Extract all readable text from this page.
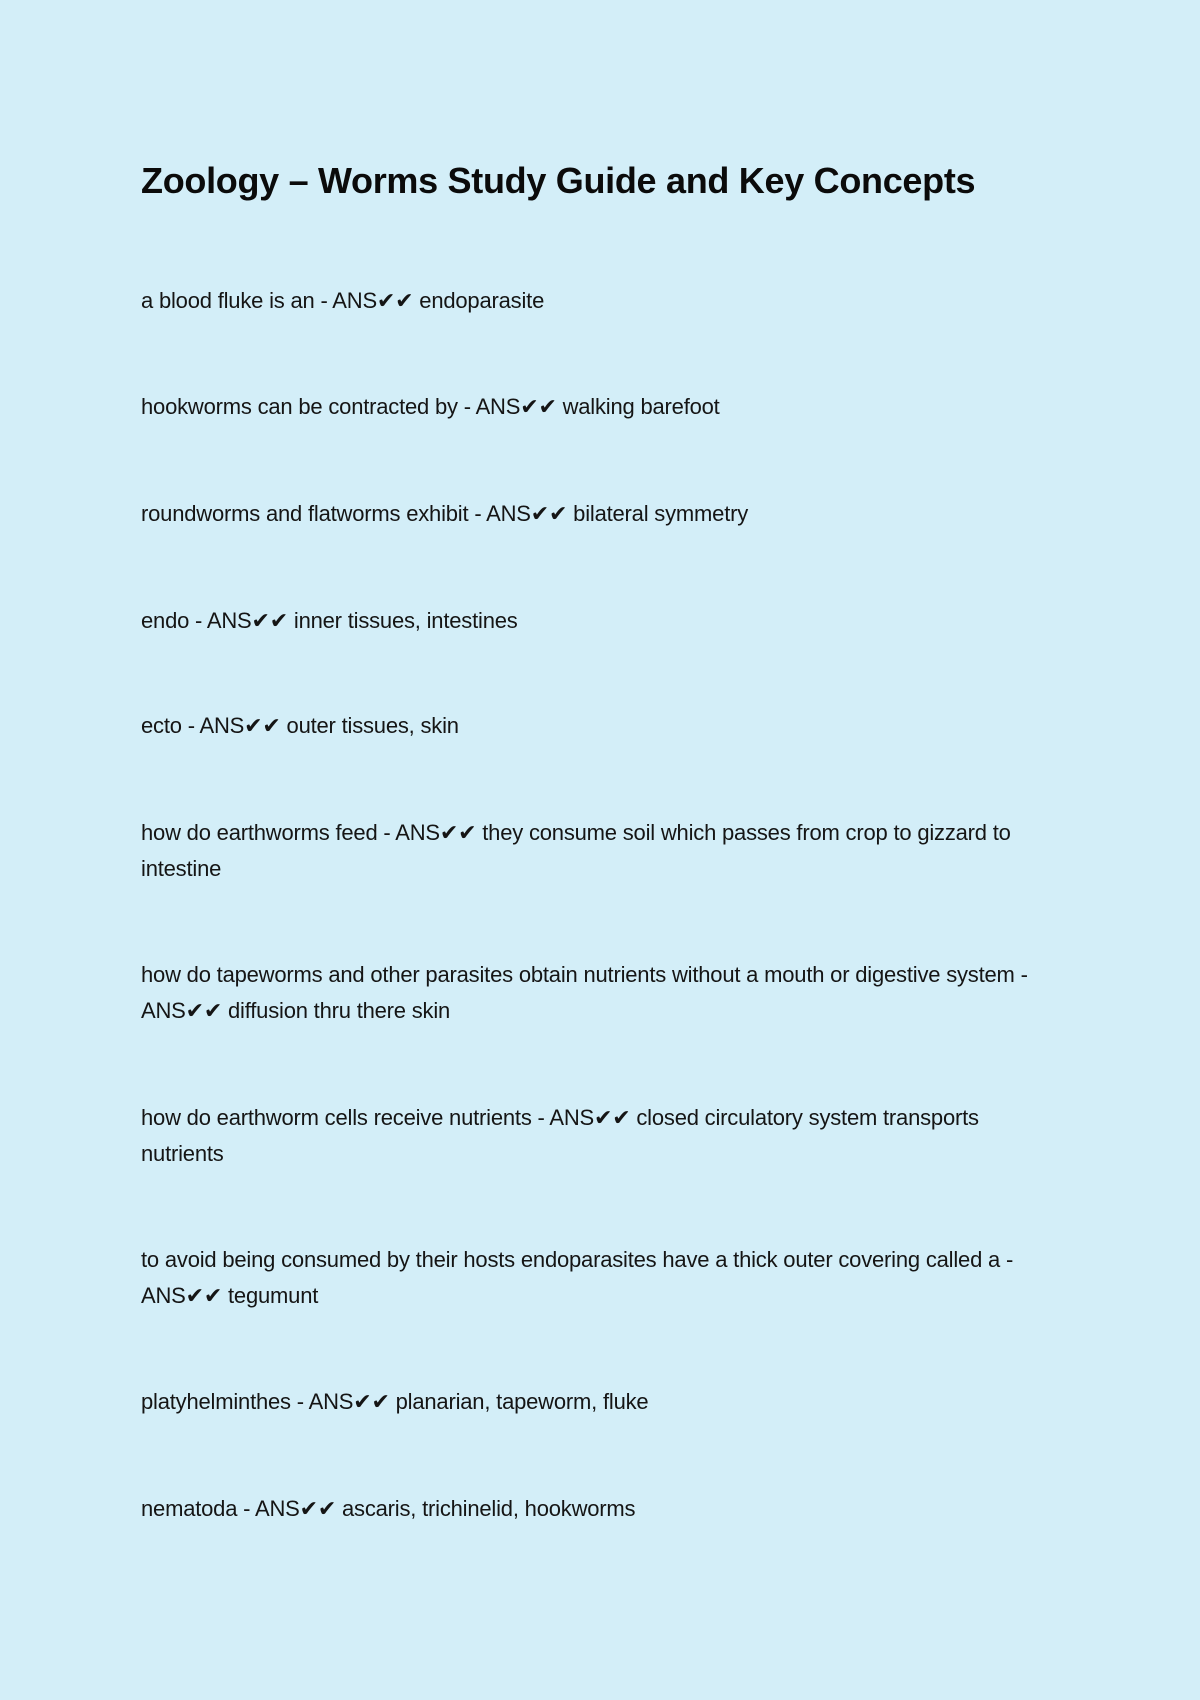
Zoology – Worms Study Guide and Key Concepts

a blood fluke is an - ANS✔✔ endoparasite

hookworms can be contracted by - ANS✔✔ walking barefoot

roundworms and flatworms exhibit - ANS✔✔ bilateral symmetry

endo - ANS✔✔ inner tissues, intestines

ecto - ANS✔✔ outer tissues, skin

how do earthworms feed - ANS✔✔ they consume soil which passes from crop to gizzard to intestine

how do tapeworms and other parasites obtain nutrients without a mouth or digestive system - ANS✔✔ diffusion thru there skin

how do earthworm cells receive nutrients - ANS✔✔ closed circulatory system transports nutrients

to avoid being consumed by their hosts endoparasites have a thick outer covering called a - ANS✔✔ tegumunt

platyhelminthes - ANS✔✔ planarian, tapeworm, fluke

nematoda - ANS✔✔ ascaris, trichinelid, hookworms
